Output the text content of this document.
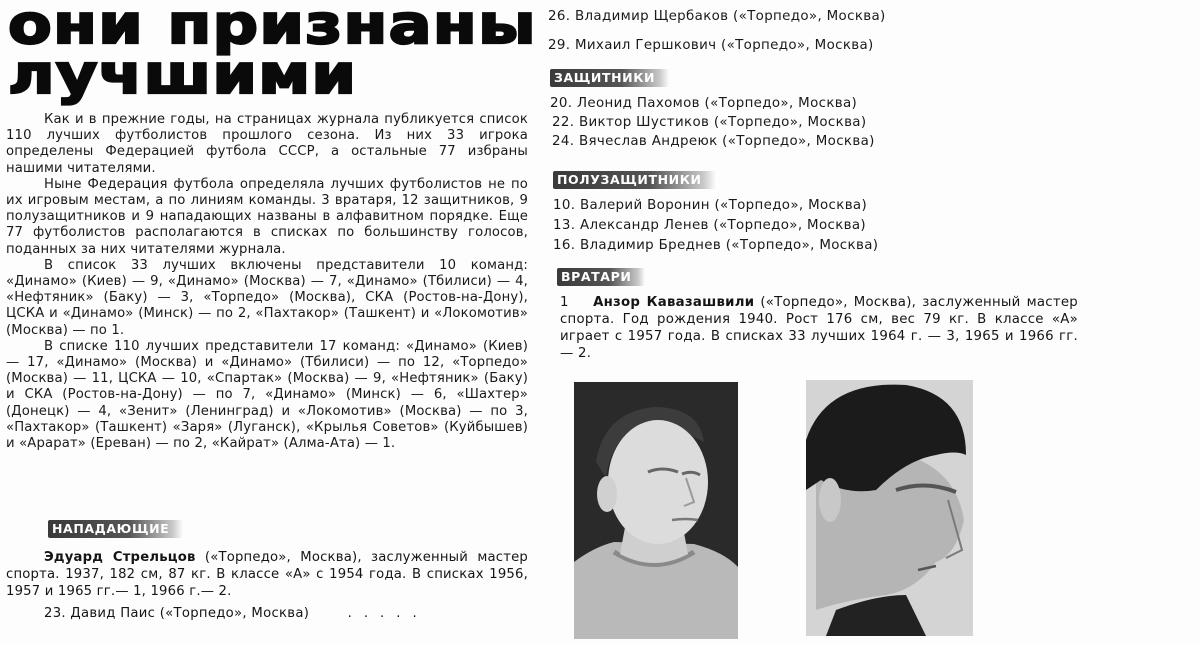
они признаны
лучшими

Как и в прежние годы, на страницах журнала публикуется список 110 лучших футболистов прошлого сезона. Из них 33 игрока определены Федерацией футбола СССР, а остальные 77 избраны нашими читателями.

Ныне Федерация футбола определяла лучших футболистов не по их игровым местам, а по линиям команды. 3 вратаря, 12 защитников, 9 полузащитников и 9 нападающих названы в алфавитном порядке. Еще 77 футболистов располагаются в списках по большинству голосов, поданных за них читателями журнала.

В список 33 лучших включены представители 10 команд: «Динамо» (Киев) — 9, «Динамо» (Москва) — 7, «Динамо» (Тбилиси) — 4, «Нефтяник» (Баку) — 3, «Торпедо» (Москва), СКА (Ростов-на-Дону), ЦСКА и «Динамо» (Минск) — по 2, «Пахтакор» (Ташкент) и «Локомотив» (Москва) — по 1.

В списке 110 лучших представители 17 команд: «Динамо» (Киев) — 17, «Динамо» (Москва) и «Динамо» (Тбилиси) — по 12, «Торпедо» (Москва) — 11, ЦСКА — 10, «Спартак» (Москва) — 9, «Нефтяник» (Баку) и СКА (Ростов-на-Дону) — по 7, «Динамо» (Минск) — 6, «Шахтер» (Донецк) — 4, «Зенит» (Ленинград) и «Локомотив» (Москва) — по 3, «Пахтакор» (Ташкент) «Заря» (Луганск), «Крылья Советов» (Куйбышев) и «Арарат» (Ереван) — по 2, «Кайрат» (Алма-Ата) — 1.

НАПАДАЮЩИЕ
Эдуард Стрельцов («Торпедо», Москва), заслуженный мастер спорта. 1937, 182 см, 87 кг. В классе «А» с 1954 года. В списках 1956, 1957 и 1965 гг.— 1, 1966 г.— 2.
23. Давид Паис («Торпедо», Москва)	.....
26. Владимир Щербаков («Торпедо», Москва)
29. Михаил Гершкович («Торпедо», Москва)
ЗАЩИТНИКИ
20. Леонид Пахомов («Торпедо», Москва)
22. Виктор Шустиков («Торпедо», Москва)
24. Вячеслав Андреюк («Торпедо», Москва)
ПОЛУЗАЩИТНИКИ
10. Валерий Воронин («Торпедо», Москва)
13. Александр Ленев («Торпедо», Москва)
16. Владимир Бреднев («Торпедо», Москва)
ВРАТАРИ
1 Анзор Кавазашвили («Торпедо», Москва), заслуженный мастер спорта. Год рождения 1940. Рост 176 см, вес 79 кг. В классе «А» играет с 1957 года. В списках 33 лучших 1964 г. — 3, 1965 и 1966 гг.— 2.
